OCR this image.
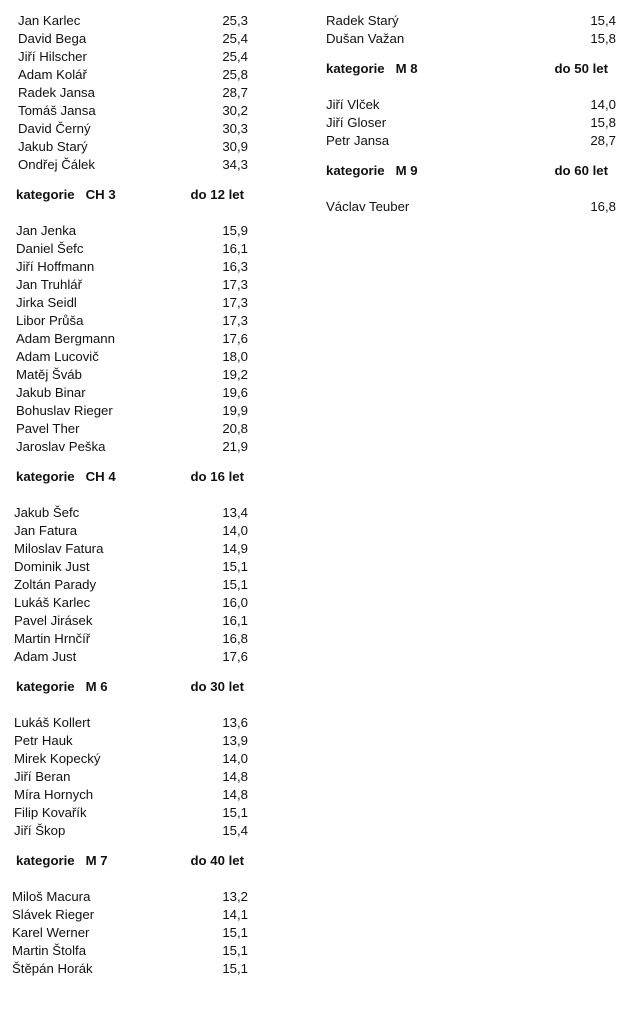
Jan Karlec	25,3
David Bega	25,4
Jiří Hilscher	25,4
Adam Kolář	25,8
Radek Jansa	28,7
Tomáš Jansa	30,2
David Černý	30,3
Jakub Starý	30,9
Ondřej Čálek	34,3
kategorie   CH 3	do 12 let
Jan Jenka	15,9
Daniel Šefc	16,1
Jiří Hoffmann	16,3
Jan Truhlář	17,3
Jirka Seidl	17,3
Libor Průša	17,3
Adam Bergmann	17,6
Adam Lucovič	18,0
Matěj Šváb	19,2
Jakub Binar	19,6
Bohuslav Rieger	19,9
Pavel Ther	20,8
Jaroslav Peška	21,9
kategorie   CH 4	do 16 let
Jakub Šefc	13,4
Jan Fatura	14,0
Miloslav Fatura	14,9
Dominik Just	15,1
Zoltán Parady	15,1
Lukáš Karlec	16,0
Pavel Jirásek	16,1
Martin Hrnčíř	16,8
Adam Just	17,6
kategorie   M 6	do 30 let
Lukáš Kollert	13,6
Petr Hauk	13,9
Mirek Kopecký	14,0
Jiří Beran	14,8
Míra Hornych	14,8
Filip Kovařík	15,1
Jiří Škop	15,4
kategorie   M 7	do 40 let
Miloš Macura	13,2
Slávek Rieger	14,1
Karel Werner	15,1
Martin Štolfa	15,1
Štěpán Horák	15,1
Radek Starý	15,4
Dušan Važan	15,8
kategorie   M 8	do 50 let
Jiří Vlček	14,0
Jiří Gloser	15,8
Petr Jansa	28,7
kategorie   M 9	do 60 let
Václav Teuber	16,8
